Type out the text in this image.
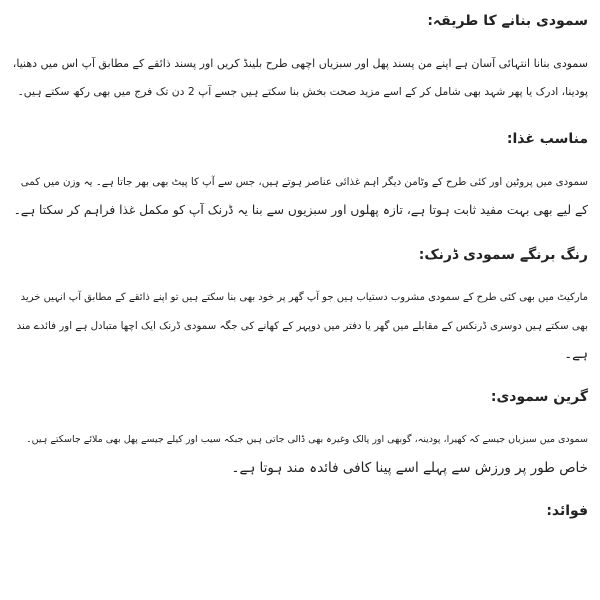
سمودی بنانے کا طریقہ:
سمودی بنانا انتہائی آسان ہے اپنے من پسند پھل اور سبزیاں اچھی طرح بلینڈ کریں اور پسند ذائقے کے مطابق آپ اس میں دھنیا،
پودینا، ادرک یا پھر شہد بھی شامل کر کے اسے مزید صحت بخش بنا سکتے ہیں جسے آپ 2 دن تک فرج میں بھی رکھ سکتے ہیں۔
مناسب غذا:
سمودی میں پروٹین اور کئی طرح کے وٹامن دیگر اہم غذائی عناصر ہوتے ہیں، جس سے آپ کا پیٹ بھی بھر جاتا ہے۔ یہ وزن میں کمی
کے لیے بھی بہت مفید ثابت ہوتا ہے، تازہ پھلوں اور سبزیوں سے بنا یہ ڈرنک آپ کو مکمل غذا فراہم کر سکتا ہے۔
رنگ برنگے سمودی ڈرنک:
مارکیٹ میں بھی کئی طرح کے سمودی مشروب دستیاب ہیں جو آپ گھر پر خود بھی بنا سکتے ہیں تو اپنے ذائقے کے مطابق آپ انہیں خرید
بھی سکتے ہیں دوسری ڈرنکس کے مقابلے میں گھر یا دفتر میں دوپہر کے کھانے کی جگہ سمودی ڈرنک ایک اچھا متبادل ہے اور فائدے مند
ہے۔
گرین سمودی:
سمودی میں سبزیاں جیسے کہ کھیرا، پودینہ، گوبھی اور پالک وغیرہ بھی ڈالی جاتی ہیں جبکہ سیب اور کیلے جیسے پھل بھی ملائے جاسکتے ہیں۔
خاص طور پر ورزش سے پہلے اسے پینا کافی فائدہ مند ہوتا ہے۔
فوائد:
